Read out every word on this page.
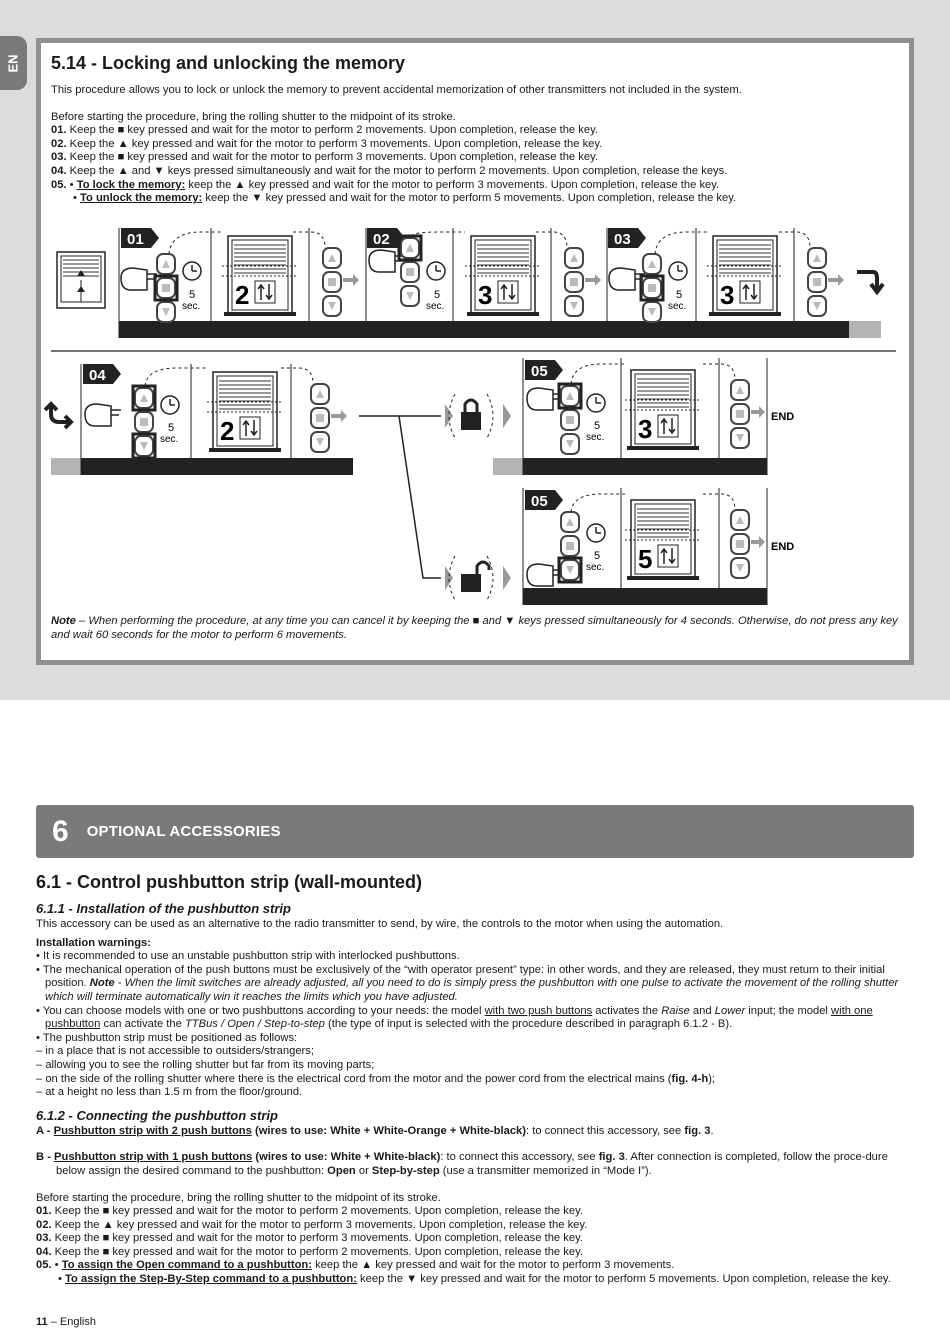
EN 5.14 - Locking and unlocking the memory
This procedure allows you to lock or unlock the memory to prevent accidental memorization of other transmitters not included in the system.
Before starting the procedure, bring the rolling shutter to the midpoint of its stroke.
01. Keep the ■ key pressed and wait for the motor to perform 2 movements. Upon completion, release the key.
02. Keep the ▲ key pressed and wait for the motor to perform 3 movements. Upon completion, release the key.
03. Keep the ■ key pressed and wait for the motor to perform 3 movements. Upon completion, release the key.
04. Keep the ▲ and ▼ keys pressed simultaneously and wait for the motor to perform 2 movements. Upon completion, release the keys.
05. • To lock the memory: keep the ▲ key pressed and wait for the motor to perform 3 movements. Upon completion, release the key.
• To unlock the memory: keep the ▼ key pressed and wait for the motor to perform 5 movements. Upon completion, release the key.
01
5
sec. 2
02
5
sec. 3
03
5
sec. 3
04
5
sec. 2
05
5
sec. 3	END
05
5
sec. 5	END
Note – When performing the procedure, at any time you can cancel it by keeping the ■ and ▼ keys pressed simultaneously for 4 seconds. Otherwise, do not press any key and wait 60 seconds for the motor to perform 6 movements.
6 OPTIONAL ACCESSORIES
6.1 - Control pushbutton strip (wall-mounted)
6.1.1 - Installation of the pushbutton strip
This accessory can be used as an alternative to the radio transmitter to send, by wire, the controls to the motor when using the automation.
Installation warnings:
• It is recommended to use an unstable pushbutton strip with interlocked pushbuttons.
• The mechanical operation of the push buttons must be exclusively of the “with operator present” type: in other words, and they are released, they must return to their initial position. Note - When the limit switches are already adjusted, all you need to do is simply press the pushbutton with one pulse to activate the movement of the rolling shutter which will terminate automatically win it reaches the limits which you have adjusted.
• You can choose models with one or two pushbuttons according to your needs: the model with two push buttons activates the Raise and Lower input; the model with one pushbutton can activate the TTBus / Open / Step-to-step (the type of input is selected with the procedure described in paragraph 6.1.2 - B).
• The pushbutton strip must be positioned as follows:
– in a place that is not accessible to outsiders/strangers;
– allowing you to see the rolling shutter but far from its moving parts;
– on the side of the rolling shutter where there is the electrical cord from the motor and the power cord from the electrical mains (fig. 4-h);
– at a height no less than 1.5 m from the floor/ground.
6.1.2 - Connecting the pushbutton strip
A - Pushbutton strip with 2 push buttons (wires to use: White + White-Orange + White-black): to connect this accessory, see fig. 3.
B - Pushbutton strip with 1 push buttons (wires to use: White + White-black): to connect this accessory, see fig. 3. After connection is completed, follow the proce-dure below assign the desired command to the pushbutton: Open or Step-by-step (use a transmitter memorized in “Mode I”).
Before starting the procedure, bring the rolling shutter to the midpoint of its stroke.
01. Keep the ■ key pressed and wait for the motor to perform 2 movements. Upon completion, release the key.
02. Keep the ▲ key pressed and wait for the motor to perform 3 movements. Upon completion, release the key.
03. Keep the ■ key pressed and wait for the motor to perform 3 movements. Upon completion, release the key.
04. Keep the ■ key pressed and wait for the motor to perform 2 movements. Upon completion, release the key.
05. • To assign the Open command to a pushbutton: keep the ▲ key pressed and wait for the motor to perform 3 movements.
• To assign the Step-By-Step command to a pushbutton: keep the ▼ key pressed and wait for the motor to perform 5 movements. Upon completion, release the key.
11 – English
